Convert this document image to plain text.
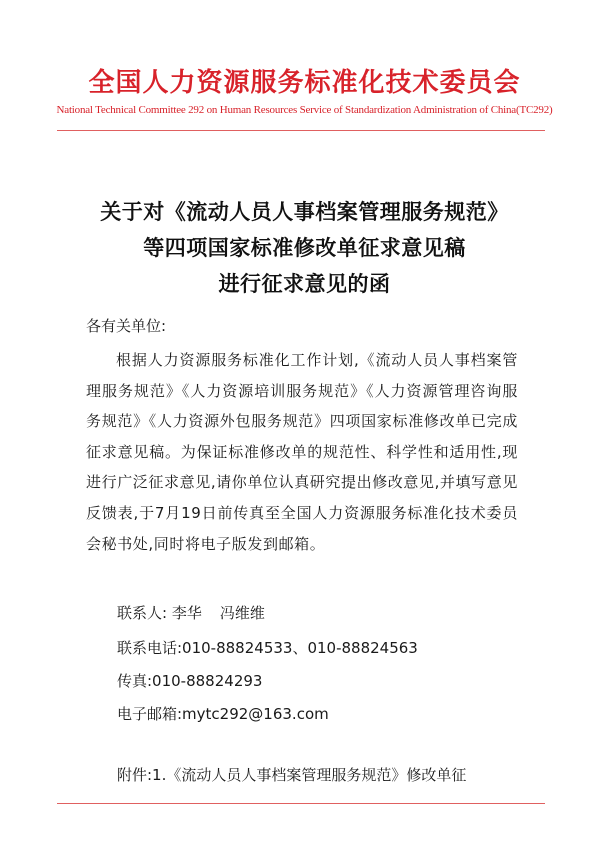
全国人力资源服务标准化技术委员会
National Technical Committee 292 on Human Resources Service of Standardization Administration of China(TC292)
关于对《流动人员人事档案管理服务规范》
等四项国家标准修改单征求意见稿
进行征求意见的函
各有关单位:
根据人力资源服务标准化工作计划,《流动人员人事档案管理服务规范》《人力资源培训服务规范》《人力资源管理咨询服务规范》《人力资源外包服务规范》四项国家标准修改单已完成征求意见稿。为保证标准修改单的规范性、科学性和适用性,现进行广泛征求意见,请你单位认真研究提出修改意见,并填写意见反馈表,于7月19日前传真至全国人力资源服务标准化技术委员会秘书处,同时将电子版发到邮箱。
联系人: 李华 冯维维
联系电话:010-88824533、010-88824563
传真:010-88824293
电子邮箱:mytc292@163.com
附件:1.《流动人员人事档案管理服务规范》修改单征
